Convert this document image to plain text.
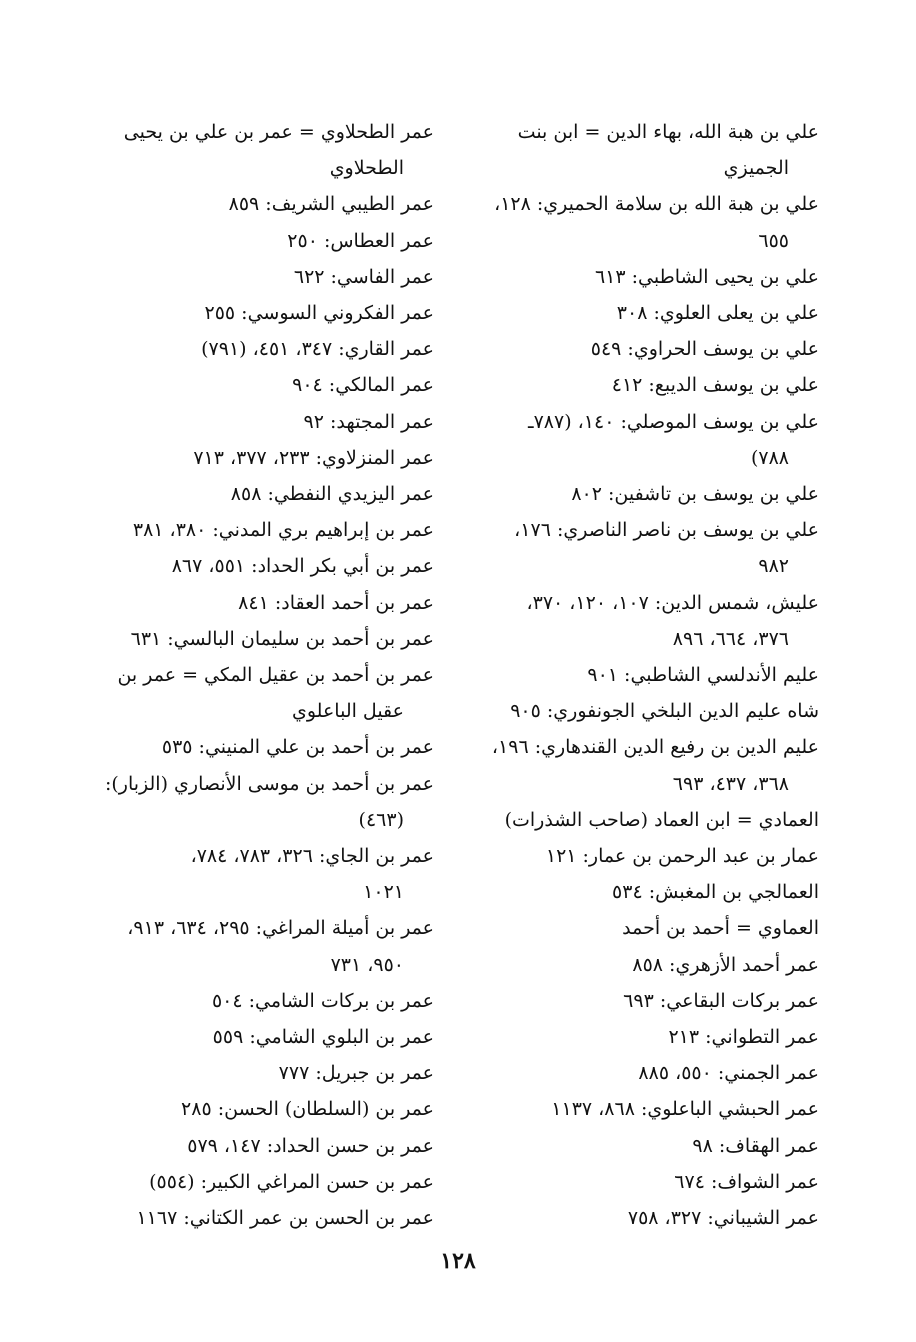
علي بن هبة الله، بهاء الدين = ابن بنت
الجميزي
علي بن هبة الله بن سلامة الحميري: ١٢٨،
٦٥٥
علي بن يحيى الشاطبي: ٦١٣
علي بن يعلى العلوي: ٣٠٨
علي بن يوسف الحراوي: ٥٤٩
علي بن يوسف الديبع: ٤١٢
علي بن يوسف الموصلي: ١٤٠، (٧٨٧ـ
٧٨٨)
علي بن يوسف بن تاشفين: ٨٠٢
علي بن يوسف بن ناصر الناصري: ١٧٦،
٩٨٢
عليش، شمس الدين: ١٠٧، ١٢٠، ٣٧٠،
٣٧٦، ٦٦٤، ٨٩٦
عليم الأندلسي الشاطبي: ٩٠١
شاه عليم الدين البلخي الجونفوري: ٩٠٥
عليم الدين بن رفيع الدين القندهاري: ١٩٦،
٣٦٨، ٤٣٧، ٦٩٣
العمادي = ابن العماد (صاحب الشذرات)
عمار بن عبد الرحمن بن عمار: ١٢١
العمالجي بن المغبش: ٥٣٤
العماوي = أحمد بن أحمد
عمر أحمد الأزهري: ٨٥٨
عمر بركات البقاعي: ٦٩٣
عمر التطواني: ٢١٣
عمر الجمني: ٥٥٠، ٨٨٥
عمر الحبشي الباعلوي: ٨٦٨، ١١٣٧
عمر الهقاف: ٩٨
عمر الشواف: ٦٧٤
عمر الشيباني: ٣٢٧، ٧٥٨
عمر الطحلاوي = عمر بن علي بن يحيى
الطحلاوي
عمر الطيبي الشريف: ٨٥٩
عمر العطاس: ٢٥٠
عمر الفاسي: ٦٢٢
عمر الفكروني السوسي: ٢٥٥
عمر القاري: ٣٤٧، ٤٥١، (٧٩١)
عمر المالكي: ٩٠٤
عمر المجتهد: ٩٢
عمر المنزلاوي: ٢٣٣، ٣٧٧، ٧١٣
عمر اليزيدي النفطي: ٨٥٨
عمر بن إبراهيم بري المدني: ٣٨٠، ٣٨١
عمر بن أبي بكر الحداد: ٥٥١، ٨٦٧
عمر بن أحمد العقاد: ٨٤١
عمر بن أحمد بن سليمان البالسي: ٦٣١
عمر بن أحمد بن عقيل المكي = عمر بن
عقيل الباعلوي
عمر بن أحمد بن علي المنيني: ٥٣٥
عمر بن أحمد بن موسى الأنصاري (الزبار):
(٤٦٣)
عمر بن الجاي: ٣٢٦، ٧٨٣، ٧٨٤،
١٠٢١
عمر بن أميلة المراغي: ٢٩٥، ٦٣٤، ٩١٣،
٩٥٠، ٧٣١
عمر بن بركات الشامي: ٥٠٤
عمر بن البلوي الشامي: ٥٥٩
عمر بن جبريل: ٧٧٧
عمر بن (السلطان) الحسن: ٢٨٥
عمر بن حسن الحداد: ١٤٧، ٥٧٩
عمر بن حسن المراغي الكبير: (٥٥٤)
عمر بن الحسن بن عمر الكتاني: ١١٦٧
١٢٨
